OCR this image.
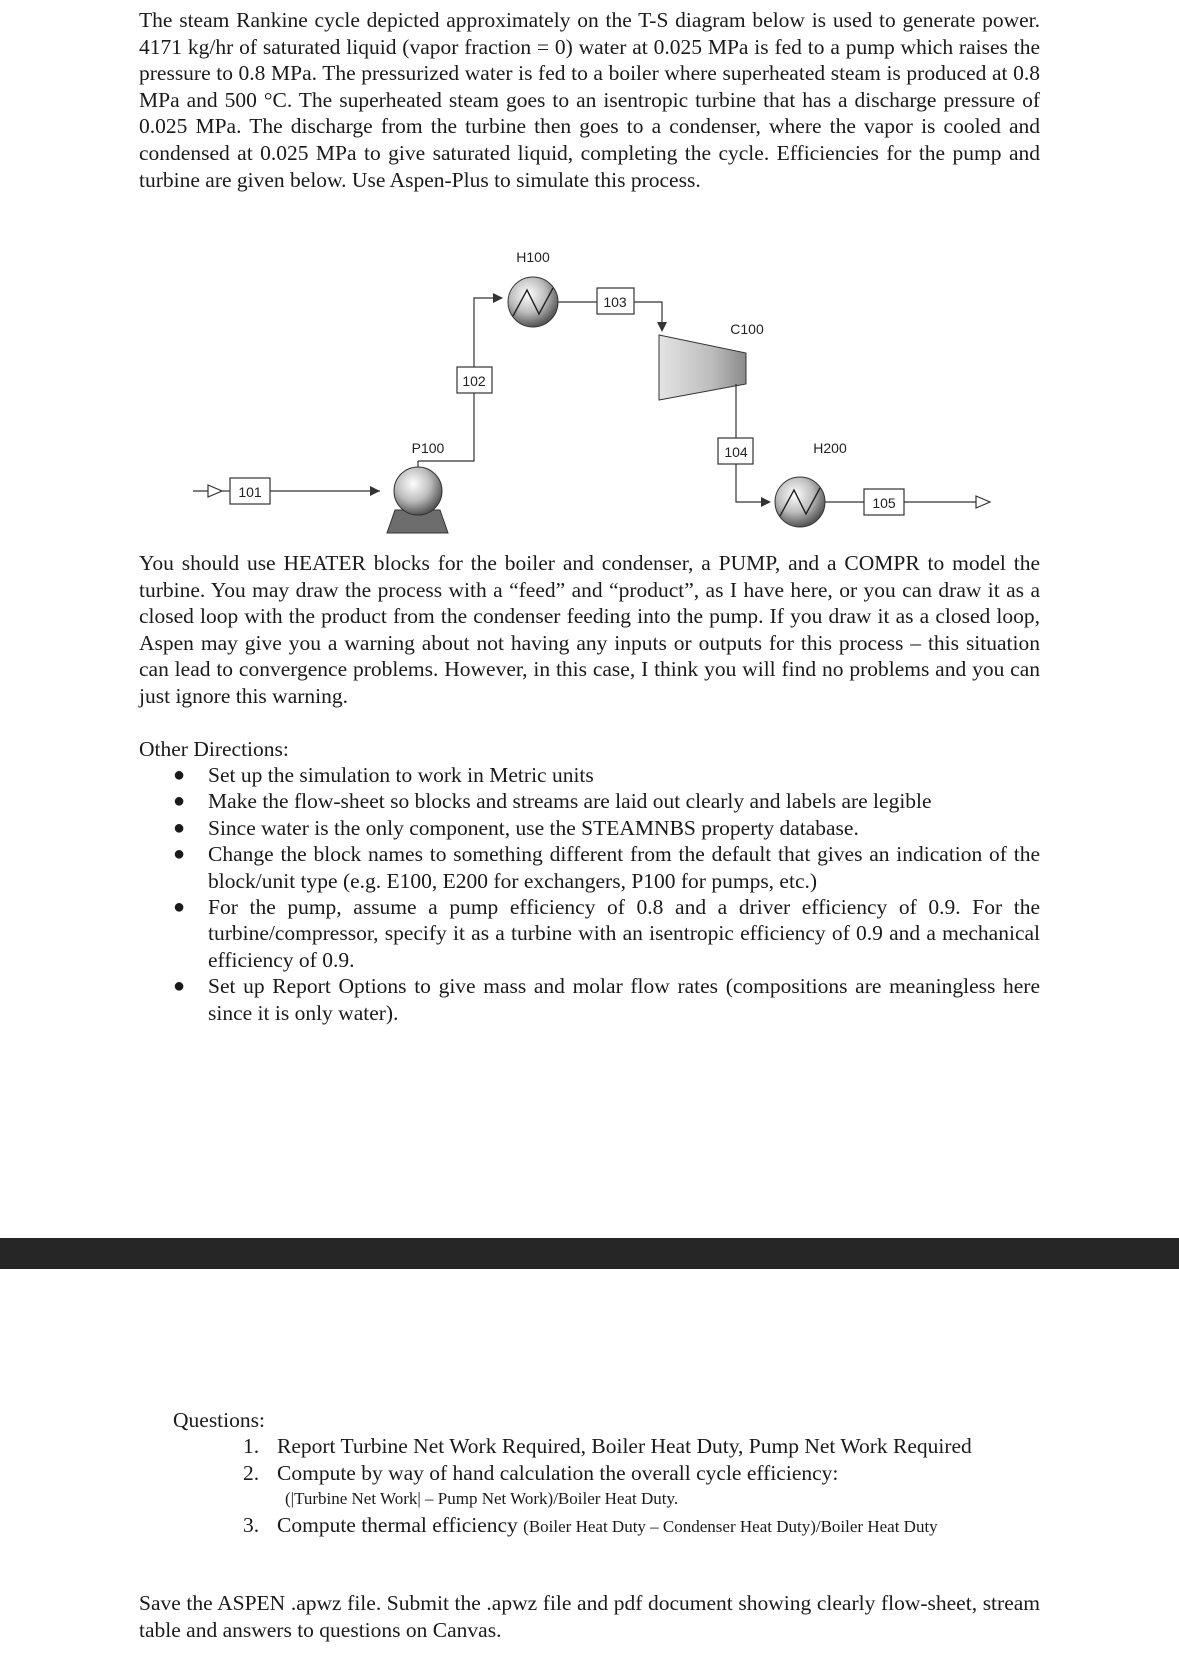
The steam Rankine cycle depicted approximately on the T-S diagram below is used to generate power. 4171 kg/hr of saturated liquid (vapor fraction = 0) water at 0.025 MPa is fed to a pump which raises the pressure to 0.8 MPa. The pressurized water is fed to a boiler where superheated steam is produced at 0.8 MPa and 500 °C. The superheated steam goes to an isentropic turbine that has a discharge pressure of 0.025 MPa. The discharge from the turbine then goes to a condenser, where the vapor is cooled and condensed at 0.025 MPa to give saturated liquid, completing the cycle. Efficiencies for the pump and turbine are given below. Use Aspen-Plus to simulate this process.

101
P100
102
H100
103
C100
104	H200
105

You should use HEATER blocks for the boiler and condenser, a PUMP, and a COMPR to model the turbine. You may draw the process with a “feed” and “product”, as I have here, or you can draw it as a closed loop with the product from the condenser feeding into the pump. If you draw it as a closed loop, Aspen may give you a warning about not having any inputs or outputs for this process – this situation can lead to convergence problems. However, in this case, I think you will find no problems and you can just ignore this warning.

Other Directions:

● Set up the simulation to work in Metric units
● Make the flow-sheet so blocks and streams are laid out clearly and labels are legible
● Since water is the only component, use the STEAMNBS property database.
● Change the block names to something different from the default that gives an indication of the block/unit type (e.g. E100, E200 for exchangers, P100 for pumps, etc.)
● For the pump, assume a pump efficiency of 0.8 and a driver efficiency of 0.9. For the turbine/compressor, specify it as a turbine with an isentropic efficiency of 0.9 and a mechanical efficiency of 0.9.
● Set up Report Options to give mass and molar flow rates (compositions are meaningless here since it is only water).

Questions:

1. Report Turbine Net Work Required, Boiler Heat Duty, Pump Net Work Required
2. Compute by way of hand calculation the overall cycle efficiency:
(|Turbine Net Work| – Pump Net Work)/Boiler Heat Duty.
3. Compute thermal efficiency (Boiler Heat Duty – Condenser Heat Duty)/Boiler Heat Duty

Save the ASPEN .apwz file. Submit the .apwz file and pdf document showing clearly flow-sheet, stream table and answers to questions on Canvas.
